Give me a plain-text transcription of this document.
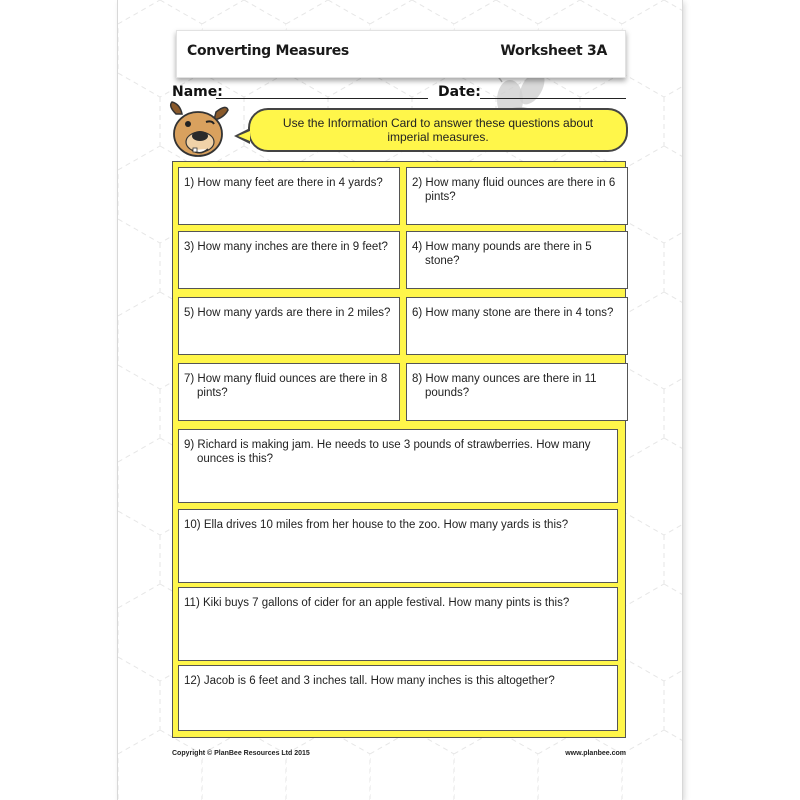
Converting Measures	Worksheet 3A
Name:	Date:
Use the Information Card to answer these questions about imperial measures.
1) How many feet are there in 4 yards?	2) How many fluid ounces are there in 6 pints?
3) How many inches are there in 9 feet?	4) How many pounds are there in 5 stone?
5) How many yards are there in 2 miles?	6) How many stone are there in 4 tons?
7) How many fluid ounces are there in 8 pints?
8) How many ounces are there in 11 pounds?
9) Richard is making jam. He needs to use 3 pounds of strawberries. How many ounces is this?
10) Ella drives 10 miles from her house to the zoo. How many yards is this?
11) Kiki buys 7 gallons of cider for an apple festival. How many pints is this?
12) Jacob is 6 feet and 3 inches tall. How many inches is this altogether?
Copyright © PlanBee Resources Ltd 2015	www.planbee.com
